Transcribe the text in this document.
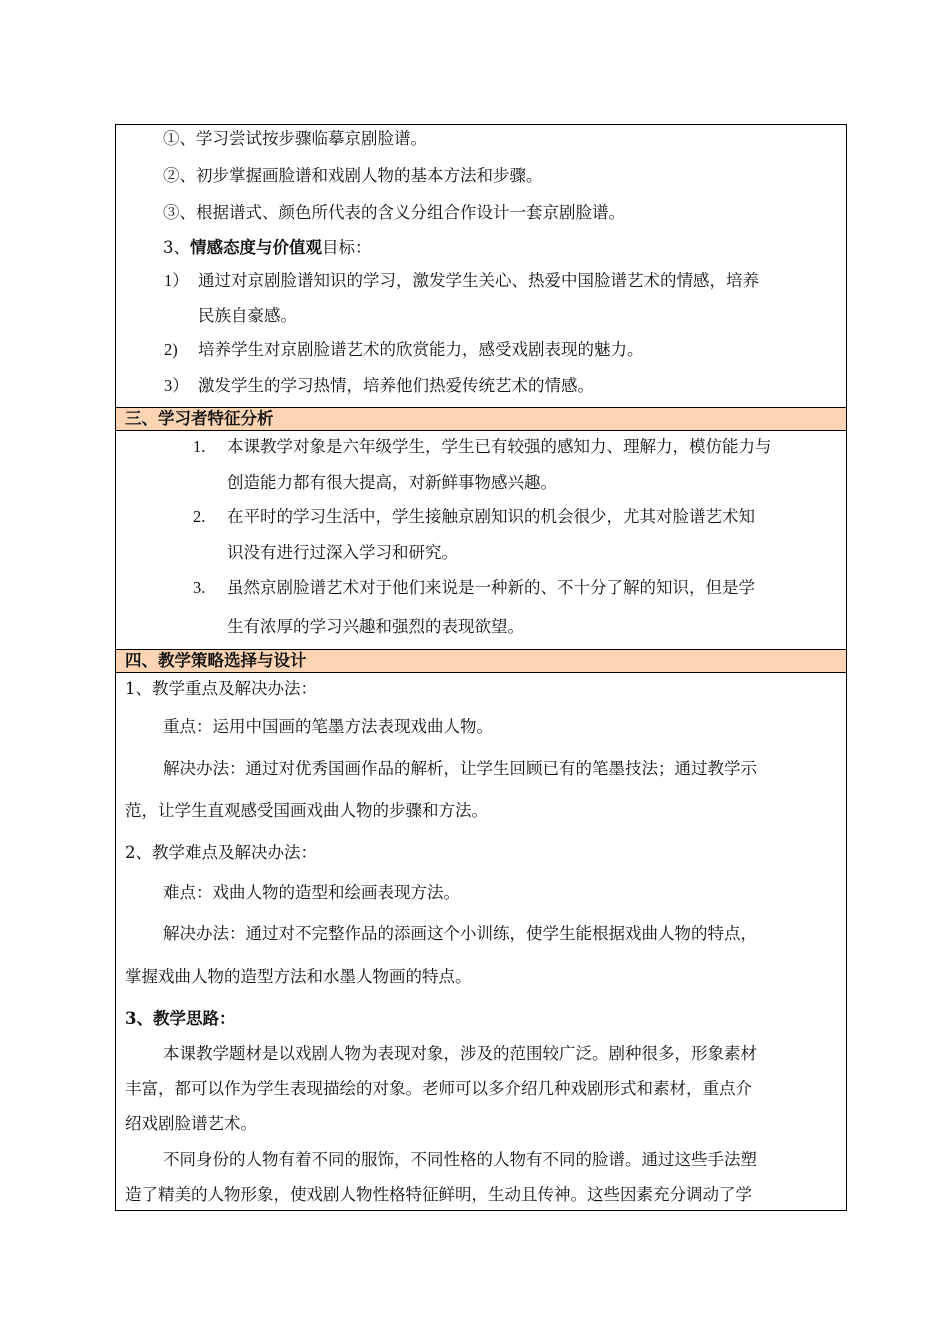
①、学习尝试按步骤临摹京剧脸谱。
②、初步掌握画脸谱和戏剧人物的基本方法和步骤。
③、根据谱式、颜色所代表的含义分组合作设计一套京剧脸谱。
3、情感态度与价值观目标：
1） 通过对京剧脸谱知识的学习，激发学生关心、热爱中国脸谱艺术的情感，培养
民族自豪感。
2) 培养学生对京剧脸谱艺术的欣赏能力，感受戏剧表现的魅力。
3） 激发学生的学习热情，培养他们热爱传统艺术的情感。
三、学习者特征分析
1. 本课教学对象是六年级学生，学生已有较强的感知力、理解力，模仿能力与
创造能力都有很大提高，对新鲜事物感兴趣。
2. 在平时的学习生活中，学生接触京剧知识的机会很少，尤其对脸谱艺术知
识没有进行过深入学习和研究。
3. 虽然京剧脸谱艺术对于他们来说是一种新的、不十分了解的知识，但是学
生有浓厚的学习兴趣和强烈的表现欲望。
四、教学策略选择与设计
1、教学重点及解决办法：
重点：运用中国画的笔墨方法表现戏曲人物。
解决办法：通过对优秀国画作品的解析，让学生回顾已有的笔墨技法；通过教学示
范，让学生直观感受国画戏曲人物的步骤和方法。
2、教学难点及解决办法：
难点：戏曲人物的造型和绘画表现方法。
解决办法：通过对不完整作品的添画这个小训练，使学生能根据戏曲人物的特点，
掌握戏曲人物的造型方法和水墨人物画的特点。
3、教学思路：
本课教学题材是以戏剧人物为表现对象，涉及的范围较广泛。剧种很多，形象素材
丰富，都可以作为学生表现描绘的对象。老师可以多介绍几种戏剧形式和素材，重点介
绍戏剧脸谱艺术。
不同身份的人物有着不同的服饰，不同性格的人物有不同的脸谱。通过这些手法塑
造了精美的人物形象，使戏剧人物性格特征鲜明，生动且传神。这些因素充分调动了学
